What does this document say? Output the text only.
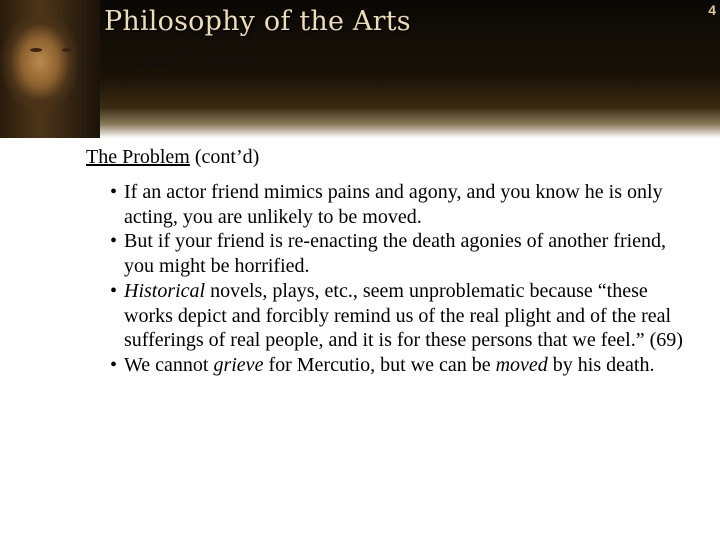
Philosophy of the Arts
Class 7: Fiction
4
The Problem (cont’d)
• If an actor friend mimics pains and agony, and you know he is only acting, you are unlikely to be moved.
• But if your friend is re-enacting the death agonies of another friend, you might be horrified.
• Historical novels, plays, etc., seem unproblematic because “these works depict and forcibly remind us of the real plight and of the real sufferings of real people, and it is for these persons that we feel.” (69)
• We cannot grieve for Mercutio, but we can be moved by his death.
